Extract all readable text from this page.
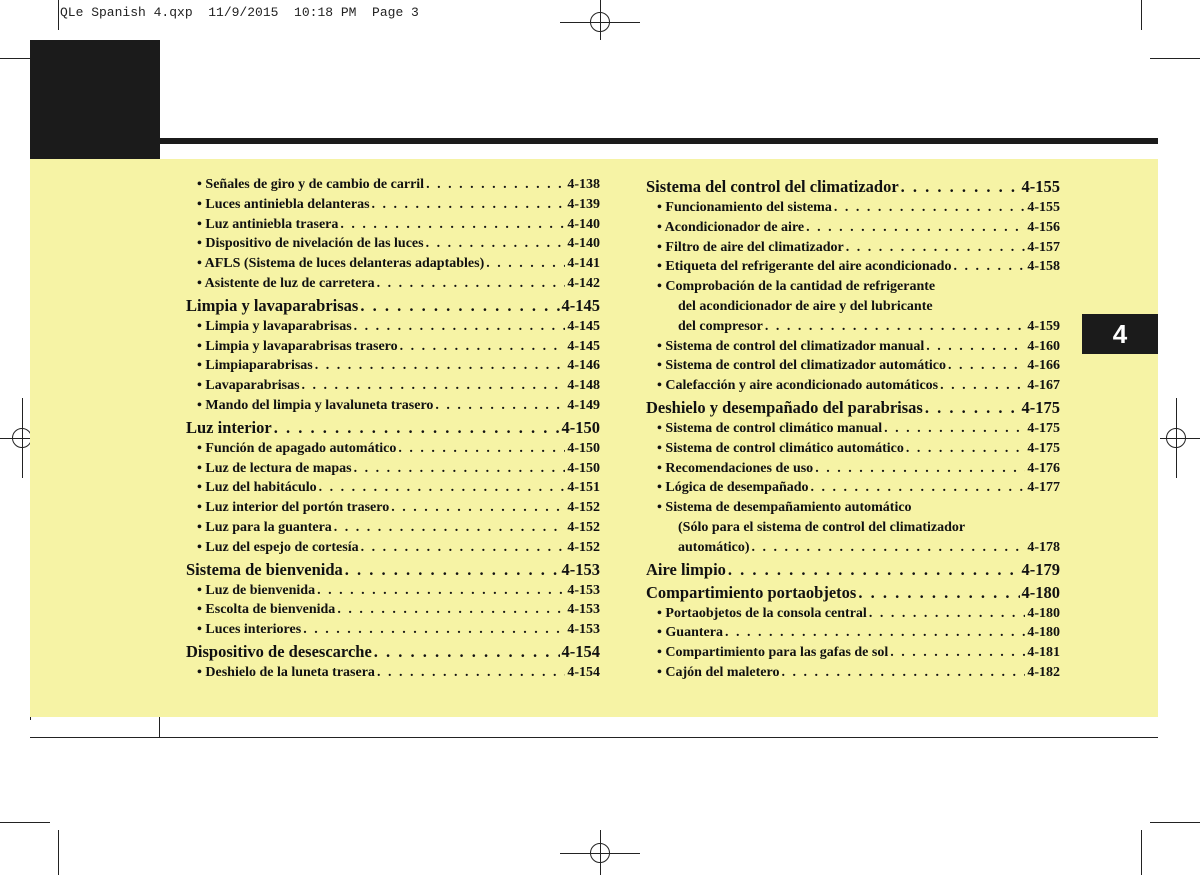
QLe Spanish 4.qxp  11/9/2015  10:18 PM  Page 3
4
• Señales de giro y de cambio de carril . . .	4-138
• Luces antiniebla delanteras . . .	4-139
• Luz antiniebla trasera . . .	4-140
• Dispositivo de nivelación de las luces . . .	4-140
• AFLS (Sistema de luces delanteras adaptables) . . .	4-141
• Asistente de luz de carretera . . .	4-142
Limpia y lavaparabrisas . . .	4-145
• Limpia y lavaparabrisas . . .	4-145
• Limpia y lavaparabrisas trasero . . .	4-145
• Limpiaparabrisas . . .	4-146
• Lavaparabrisas . . .	4-148
• Mando del limpia y lavaluneta trasero . . .	4-149
Luz interior . . .	4-150
• Función de apagado automático . . .	4-150
• Luz de lectura de mapas . . .	4-150
• Luz del habitáculo . . .	4-151
• Luz interior del portón trasero . . .	4-152
• Luz para la guantera . . .	4-152
• Luz del espejo de cortesía . . .	4-152
Sistema de bienvenida . . .	4-153
• Luz de bienvenida . . .	4-153
• Escolta de bienvenida . . .	4-153
• Luces interiores . . .	4-153
Dispositivo de desescarche . . .	4-154
• Deshielo de la luneta trasera . . .	4-154
Sistema del control del climatizador . . .	4-155
• Funcionamiento del sistema . . .	4-155
• Acondicionador de aire . . .	4-156
• Filtro de aire del climatizador . . .	4-157
• Etiqueta del refrigerante del aire acondicionado . . .	4-158
• Comprobación de la cantidad de refrigerante
del acondicionador de aire y del lubricante
del compresor . . .	4-159
• Sistema de control del climatizador manual . . .	4-160
• Sistema de control del climatizador automático . . .	4-166
• Calefacción y aire acondicionado automáticos . . .	4-167
Deshielo y desempañado del parabrisas . . .	4-175
• Sistema de control climático manual . . .	4-175
• Sistema de control climático automático . . .	4-175
• Recomendaciones de uso . . .	4-176
• Lógica de desempañado . . .	4-177
• Sistema de desempañamiento automático
(Sólo para el sistema de control del climatizador
automático) . . .	4-178
Aire limpio . . .	4-179
Compartimiento portaobjetos . . .	4-180
• Portaobjetos de la consola central . . .	4-180
• Guantera . . .	4-180
• Compartimiento para las gafas de sol . . .	4-181
• Cajón del maletero . . .	4-182
